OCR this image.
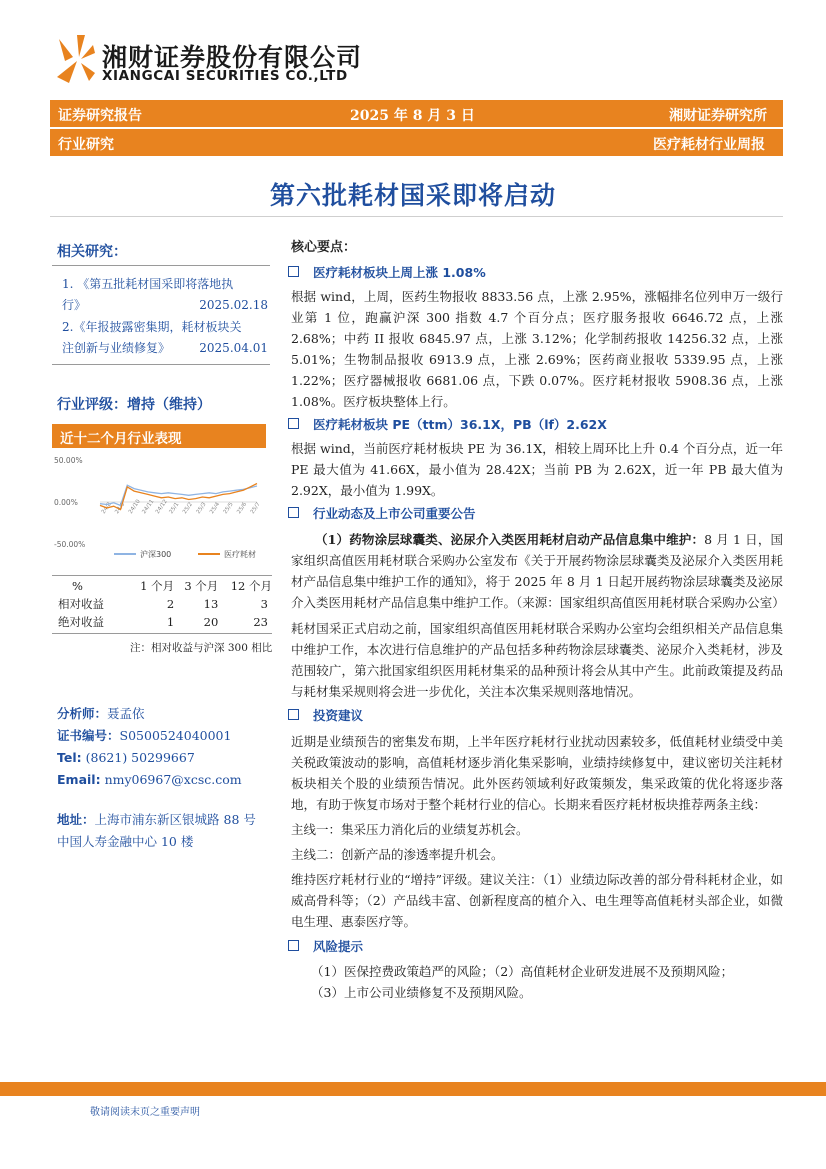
湘财证券股份有限公司
XIANGCAI SECURITIES CO.,LTD
证券研究报告	2025 年 8 月 3 日	湘财证券研究所
行业研究	医疗耗材行业周报
第六批耗材国采即将启动
相关研究：
1. 《第五批耗材国采即将落地执
行》	2025.02.18
2.《年报披露密集期，耗材板块关
注创新与业绩修复》 2025.04.01
行业评级：增持（维持）
近十二个月行业表现
50.00%
0.00%
-50.00%
24/8 24/9 24/10 24/11 24/12 25/1 25/2 25/3 25/4 25/5 25/6 25/7
沪深300	医疗耗材
%	1 个月	3 个月	12 个月
相对收益	2	13	3
绝对收益	1	20	23
注：相对收益与沪深 300 相比
分析师：聂孟依
证书编号：S0500524040001
Tel: (8621) 50299667
Email: nmy06967@xcsc.com
地址：上海市浦东新区银城路 88 号
中国人寿金融中心 10 楼
核心要点：
医疗耗材板块上周上涨 1.08%
根据 wind，上周，医药生物报收 8833.56 点，上涨 2.95%，涨幅排名位列申万一级行业第 1 位，跑赢沪深 300 指数 4.7 个百分点；医疗服务报收 6646.72 点，上涨 2.68%；中药 II 报收 6845.97 点，上涨 3.12%；化学制药报收 14256.32 点，上涨 5.01%；生物制品报收 6913.9 点，上涨 2.69%；医药商业报收 5339.95 点，上涨 1.22%；医疗器械报收 6681.06 点，下跌 0.07%。医疗耗材报收 5908.36 点，上涨 1.08%。医疗板块整体上行。
医疗耗材板块 PE（ttm）36.1X，PB（lf）2.62X
根据 wind，当前医疗耗材板块 PE 为 36.1X，相较上周环比上升 0.4 个百分点，近一年 PE 最大值为 41.66X，最小值为 28.42X；当前 PB 为 2.62X，近一年 PB 最大值为 2.92X，最小值为 1.99X。
行业动态及上市公司重要公告
（1）药物涂层球囊类、泌尿介入类医用耗材启动产品信息集中维护：8 月 1 日，国家组织高值医用耗材联合采购办公室发布《关于开展药物涂层球囊类及泌尿介入类医用耗材产品信息集中维护工作的通知》，将于 2025 年 8 月 1 日起开展药物涂层球囊类及泌尿介入类医用耗材产品信息集中维护工作。（来源：国家组织高值医用耗材联合采购办公室）
耗材国采正式启动之前，国家组织高值医用耗材联合采购办公室均会组织相关产品信息集中维护工作，本次进行信息维护的产品包括多种药物涂层球囊类、泌尿介入类耗材，涉及范围较广，第六批国家组织医用耗材集采的品种预计将会从其中产生。此前政策提及药品与耗材集采规则将会进一步优化，关注本次集采规则落地情况。
投资建议
近期是业绩预告的密集发布期，上半年医疗耗材行业扰动因素较多，低值耗材业绩受中美关税政策波动的影响，高值耗材逐步消化集采影响，业绩持续修复中，建议密切关注耗材板块相关个股的业绩预告情况。此外医药领域利好政策频发，集采政策的优化将逐步落地，有助于恢复市场对于整个耗材行业的信心。长期来看医疗耗材板块推荐两条主线：
主线一：集采压力消化后的业绩复苏机会。
主线二：创新产品的渗透率提升机会。
维持医疗耗材行业的“增持”评级。建议关注：（1）业绩边际改善的部分骨科耗材企业，如威高骨科等；（2）产品线丰富、创新程度高的植介入、电生理等高值耗材头部企业，如微电生理、惠泰医疗等。
风险提示
（1）医保控费政策趋严的风险；（2）高值耗材企业研发进展不及预期风险；
（3）上市公司业绩修复不及预期风险。
敬请阅读末页之重要声明
